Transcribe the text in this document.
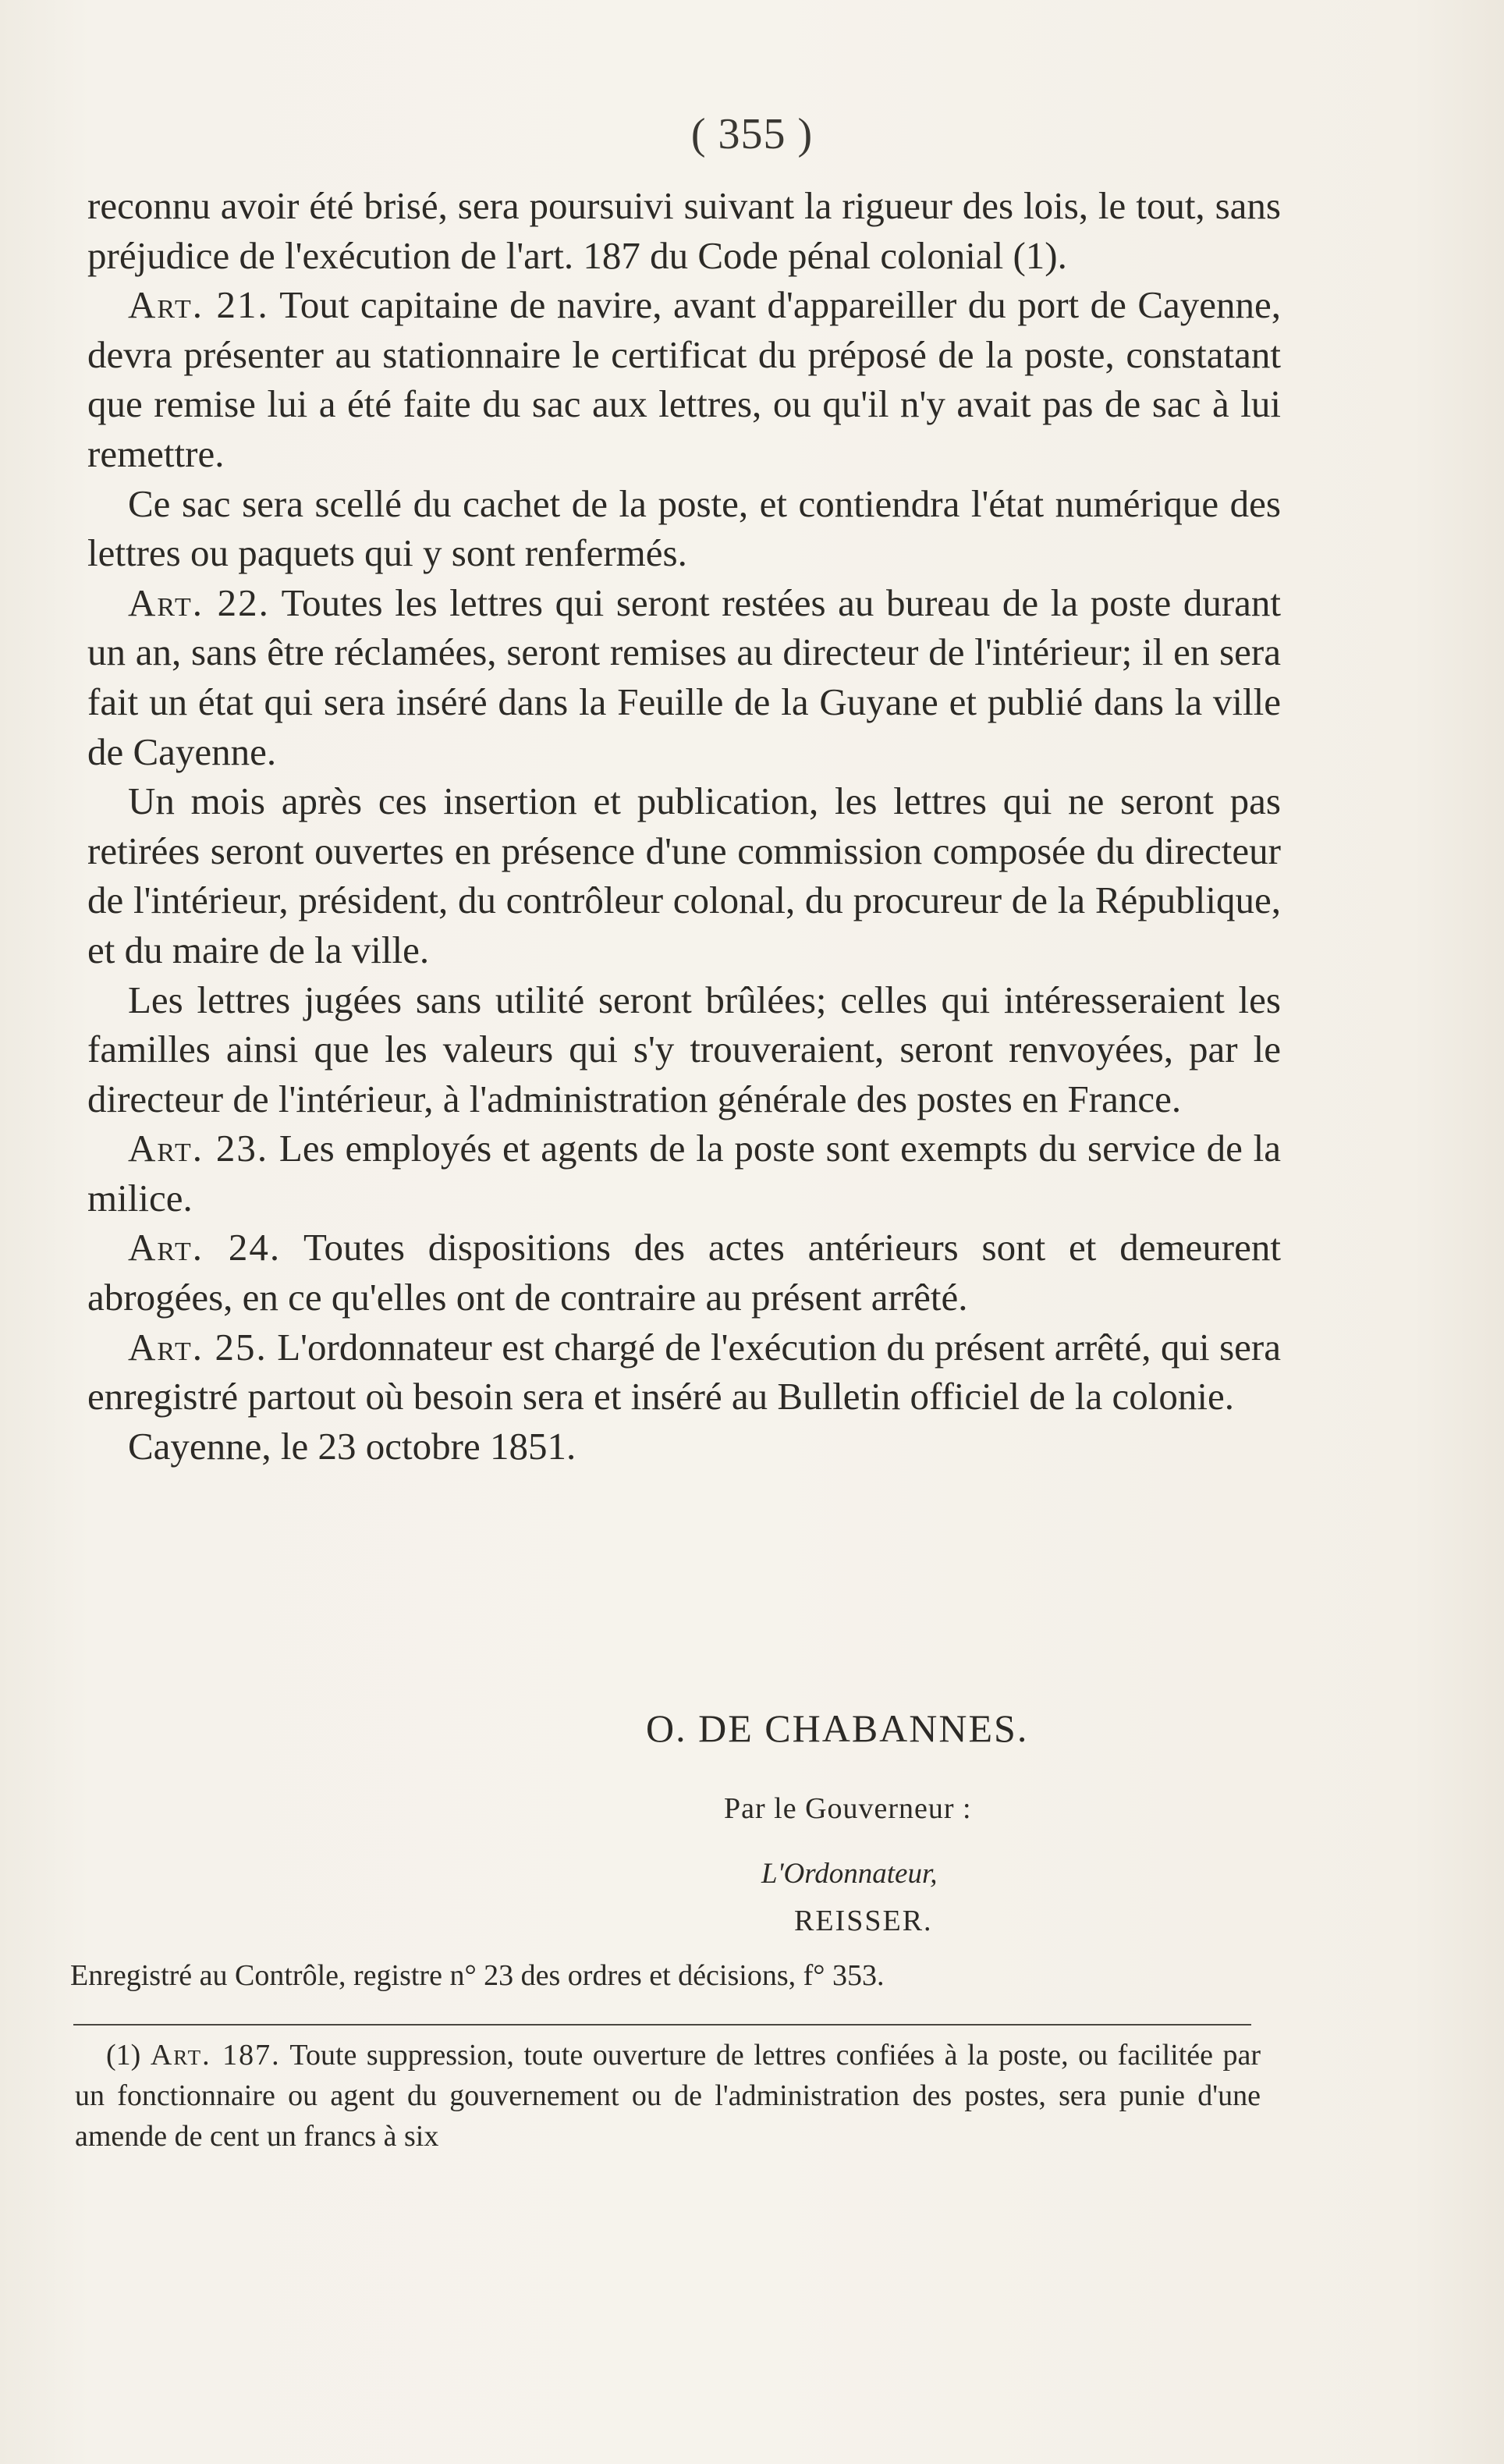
( 355 )

reconnu avoir été brisé, sera poursuivi suivant la rigueur des lois, le tout, sans préjudice de l'exécution de l'art. 187 du Code pénal colonial (1).

Art. 21. Tout capitaine de navire, avant d'appareiller du port de Cayenne, devra présenter au stationnaire le certificat du préposé de la poste, constatant que remise lui a été faite du sac aux lettres, ou qu'il n'y avait pas de sac à lui remettre.

Ce sac sera scellé du cachet de la poste, et contiendra l'état numérique des lettres ou paquets qui y sont renfermés.

Art. 22. Toutes les lettres qui seront restées au bureau de la poste durant un an, sans être réclamées, seront remises au directeur de l'intérieur; il en sera fait un état qui sera inséré dans la Feuille de la Guyane et publié dans la ville de Cayenne.

Un mois après ces insertion et publication, les lettres qui ne seront pas retirées seront ouvertes en présence d'une commission composée du directeur de l'intérieur, président, du contrôleur colonal, du procureur de la République, et du maire de la ville.

Les lettres jugées sans utilité seront brûlées; celles qui intéresseraient les familles ainsi que les valeurs qui s'y trouveraient, seront renvoyées, par le directeur de l'intérieur, à l'administration générale des postes en France.

Art. 23. Les employés et agents de la poste sont exempts du service de la milice.

Art. 24. Toutes dispositions des actes antérieurs sont et demeurent abrogées, en ce qu'elles ont de contraire au présent arrêté.

Art. 25. L'ordonnateur est chargé de l'exécution du présent arrêté, qui sera enregistré partout où besoin sera et inséré au Bulletin officiel de la colonie.

Cayenne, le 23 octobre 1851.

O. DE CHABANNES.
Par le Gouverneur :
L'Ordonnateur,
REISSER.
Enregistré au Contrôle, registre n° 23 des ordres et décisions, f° 353.

(1) Art. 187. Toute suppression, toute ouverture de lettres confiées à la poste, ou facilitée par un fonctionnaire ou agent du gouvernement ou de l'administration des postes, sera punie d'une amende de cent un francs à six
